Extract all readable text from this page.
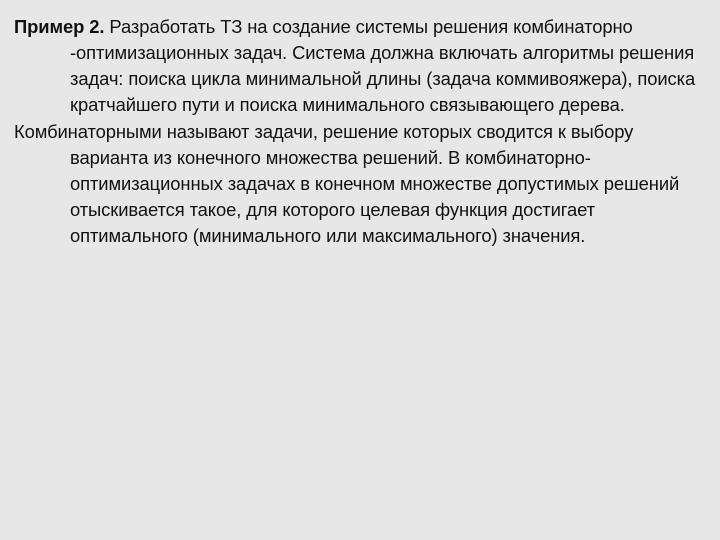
Пример 2. Разработать ТЗ на создание системы решения комбинаторно -оптимизационных задач. Система должна включать алгоритмы решения задач: поиска цикла минимальной длины (задача коммивояжера), поиска кратчайшего пути и поиска минимального связывающего дерева.

Комбинаторными называют задачи, решение которых сводится к выбору варианта из конечного множества решений. В комбинаторно-оптимизационных задачах в конечном множестве допустимых решений отыскивается такое, для которого целевая функция достигает оптимального (минимального или максимального) значения.
